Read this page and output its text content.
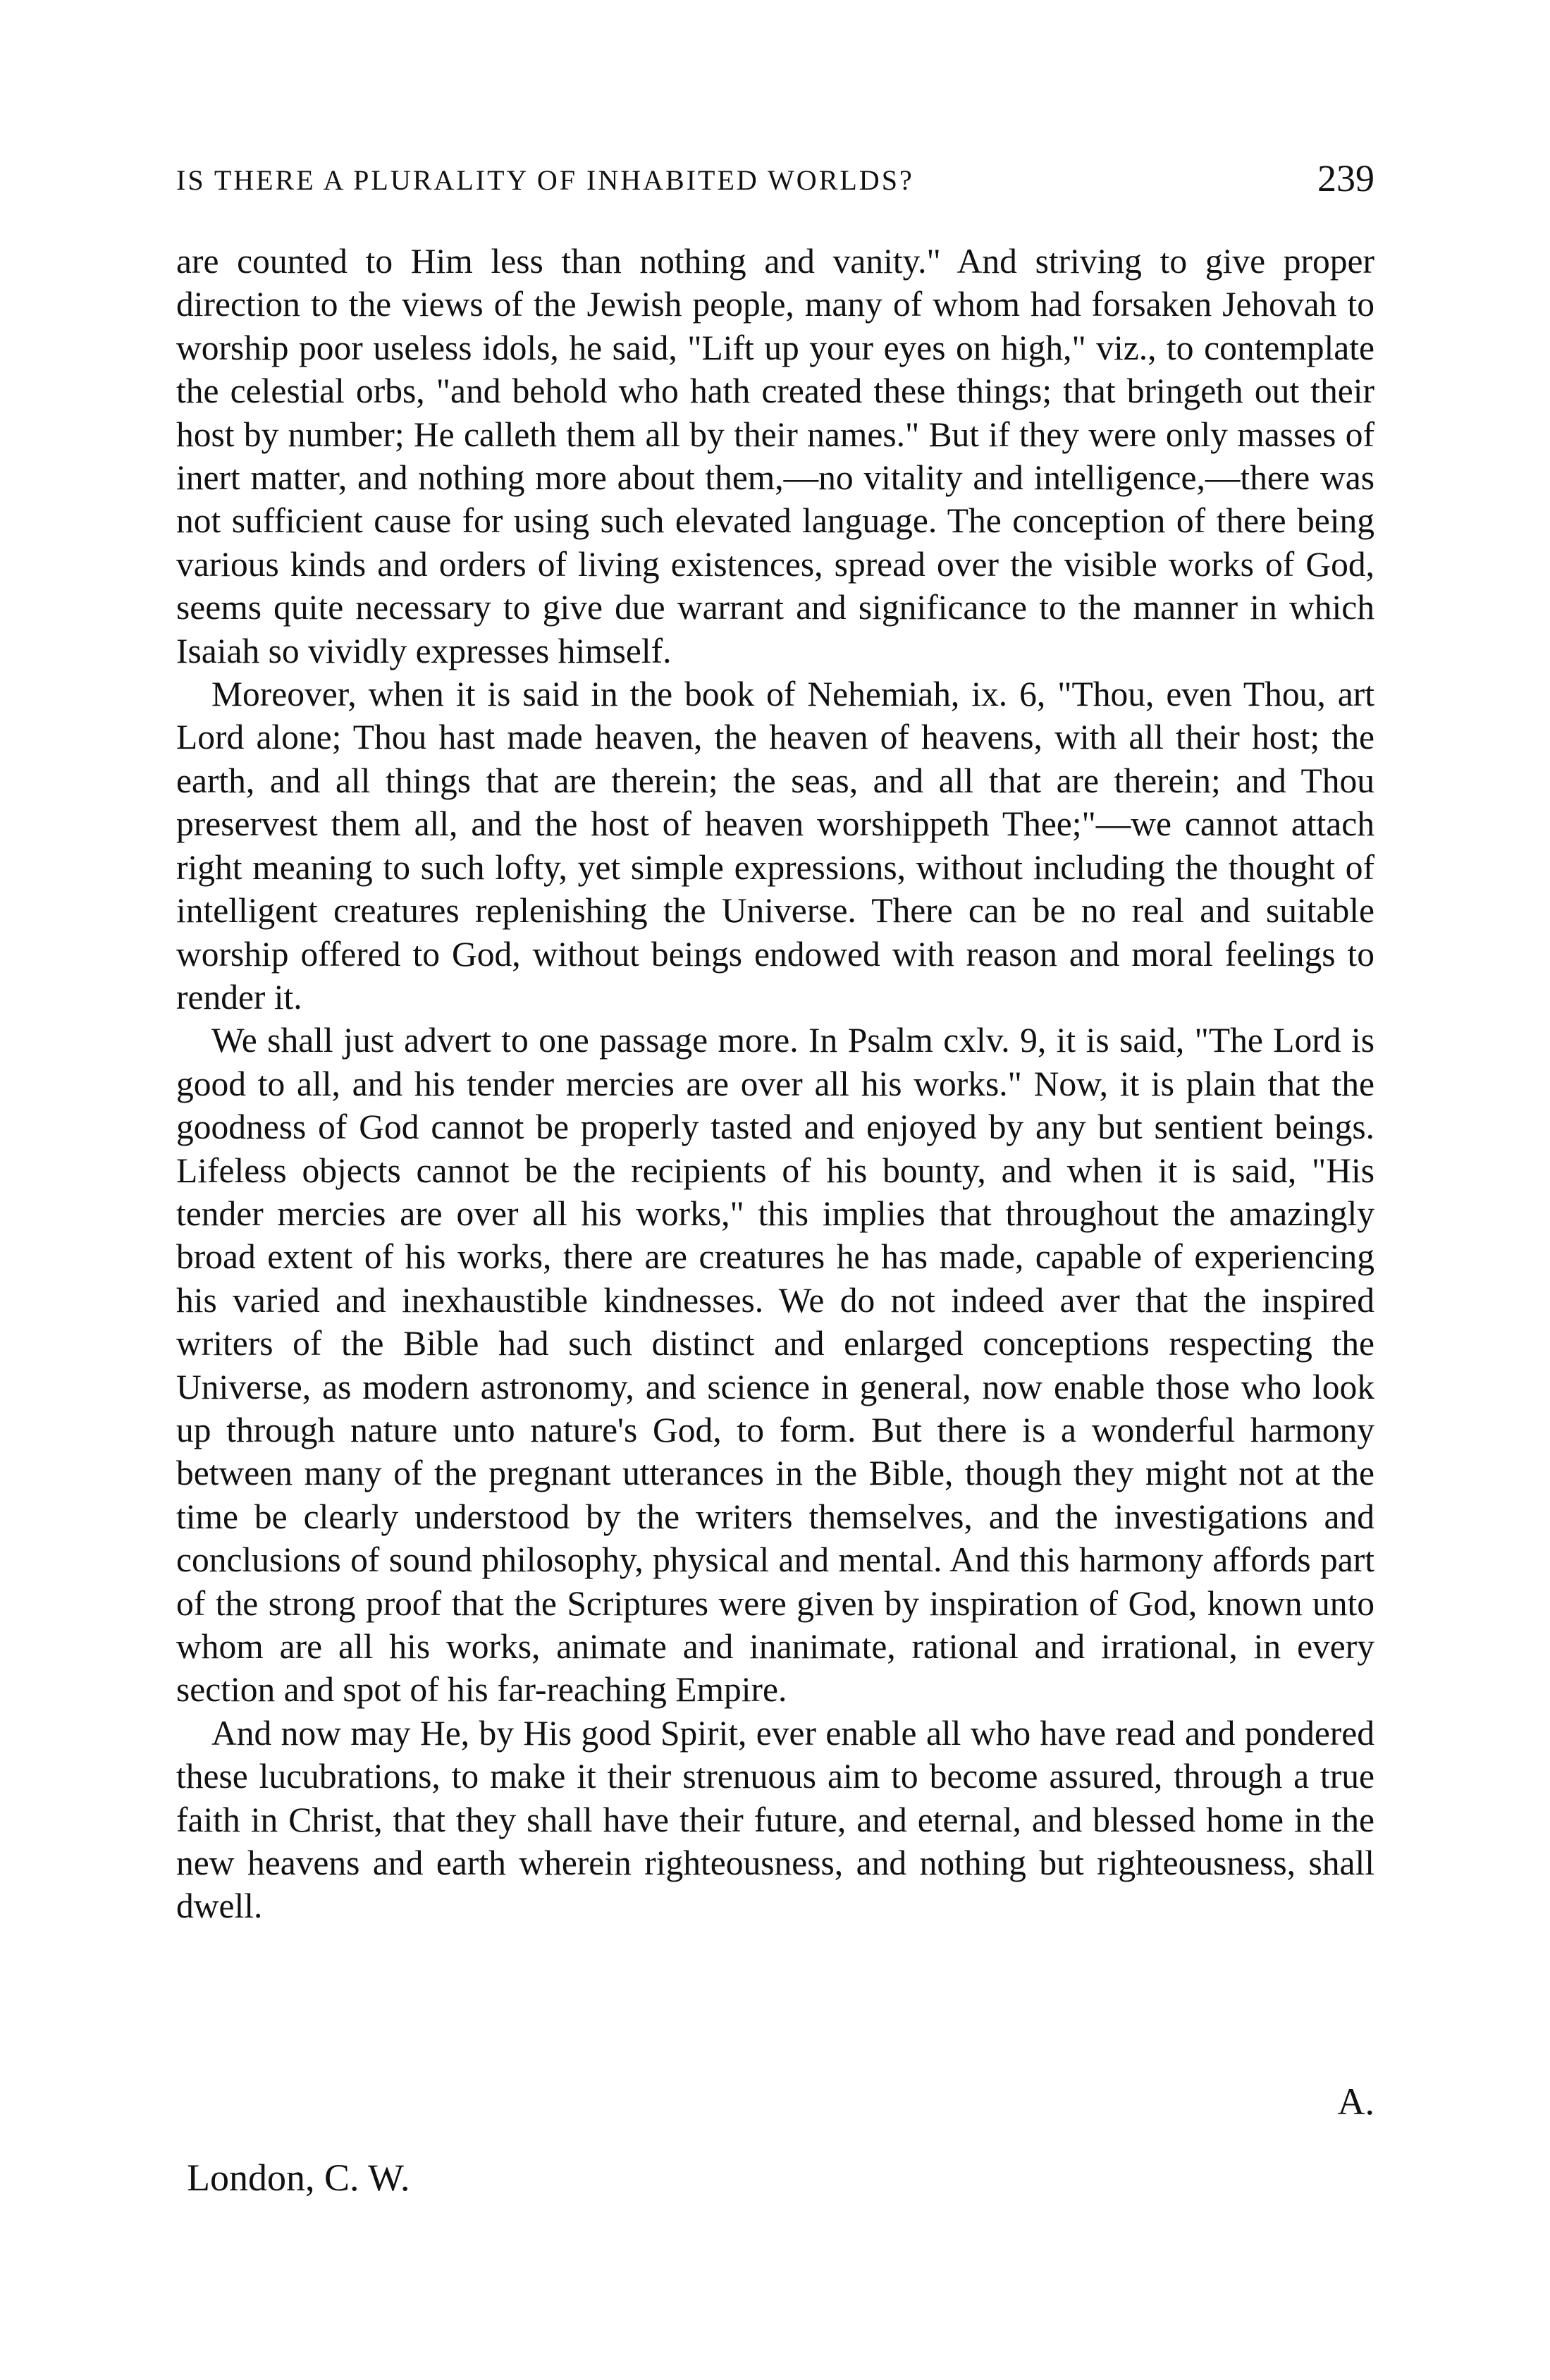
IS THERE A PLURALITY OF INHABITED WORLDS?	239

are counted to Him less than nothing and vanity." And striving to give proper direction to the views of the Jewish people, many of whom had forsaken Jehovah to worship poor useless idols, he said, "Lift up your eyes on high," viz., to contemplate the celestial orbs, "and behold who hath created these things; that bringeth out their host by number; He calleth them all by their names." But if they were only masses of inert matter, and nothing more about them,—no vitality and intelligence,—there was not sufficient cause for using such elevated language. The conception of there being various kinds and orders of living existences, spread over the visible works of God, seems quite necessary to give due warrant and significance to the manner in which Isaiah so vividly expresses himself.

Moreover, when it is said in the book of Nehemiah, ix. 6, "Thou, even Thou, art Lord alone; Thou hast made heaven, the heaven of heavens, with all their host; the earth, and all things that are therein; the seas, and all that are therein; and Thou preservest them all, and the host of heaven worshippeth Thee;"—we cannot attach right meaning to such lofty, yet simple expressions, without including the thought of intelligent creatures replenishing the Universe. There can be no real and suitable worship offered to God, without beings endowed with reason and moral feelings to render it.

We shall just advert to one passage more. In Psalm cxlv. 9, it is said, "The Lord is good to all, and his tender mercies are over all his works." Now, it is plain that the goodness of God cannot be properly tasted and enjoyed by any but sentient beings. Lifeless objects cannot be the recipients of his bounty, and when it is said, "His tender mercies are over all his works," this implies that throughout the amazingly broad extent of his works, there are creatures he has made, capable of experiencing his varied and inexhaustible kindnesses. We do not indeed aver that the inspired writers of the Bible had such distinct and enlarged conceptions respecting the Universe, as modern astronomy, and science in general, now enable those who look up through nature unto nature's God, to form. But there is a wonderful harmony between many of the pregnant utterances in the Bible, though they might not at the time be clearly understood by the writers themselves, and the investigations and conclusions of sound philosophy, physical and mental. And this harmony affords part of the strong proof that the Scriptures were given by inspiration of God, known unto whom are all his works, animate and inanimate, rational and irrational, in every section and spot of his far-reaching Empire.

And now may He, by His good Spirit, ever enable all who have read and pondered these lucubrations, to make it their strenuous aim to become assured, through a true faith in Christ, that they shall have their future, and eternal, and blessed home in the new heavens and earth wherein righteousness, and nothing but righteousness, shall dwell.

A.
London, C. W.
